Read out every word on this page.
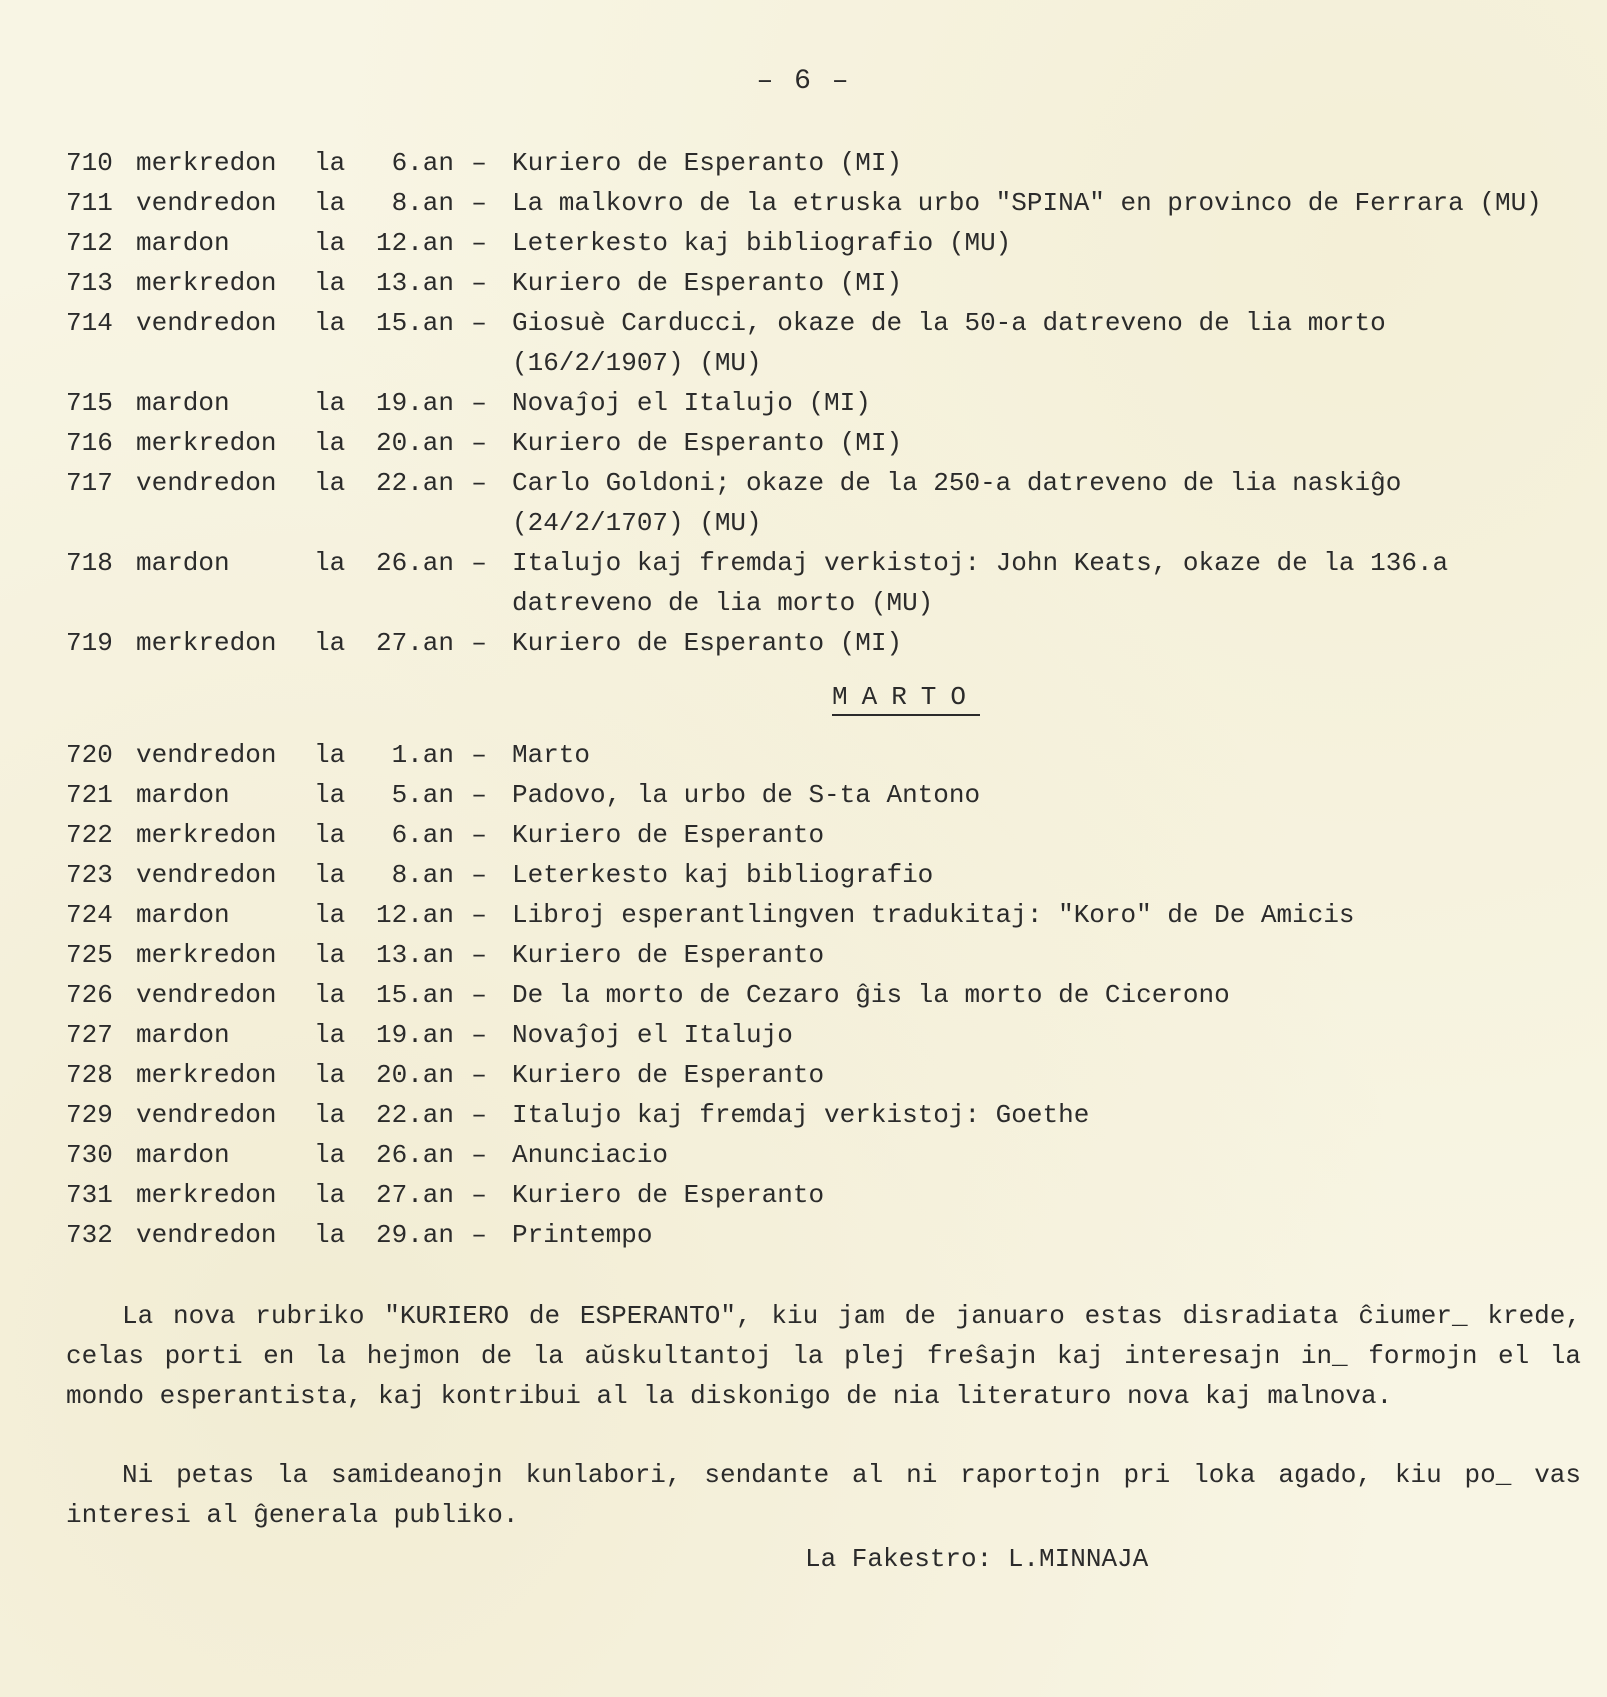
– 6 –
710 merkredon	la	6.an – Kuriero de Esperanto (MI)
711 vendredon	la	8.an – La malkovro de la etruska urbo "SPINA" en provinco de Ferrara (MU)
712 mardon	la	12.an – Leterkesto kaj bibliografio (MU)
713 merkredon	la	13.an – Kuriero de Esperanto (MI)
714 vendredon	la	15.an – Giosuè Carducci, okaze de la 50-a datreveno de lia morto (16/2/1907) (MU)
715 mardon	la	19.an – Novaĵoj el Italujo (MI)
716 merkredon	la	20.an – Kuriero de Esperanto (MI)
717 vendredon	la	22.an – Carlo Goldoni; okaze de la 250-a datreveno de lia naskiĝo (24/2/1707) (MU)
718 mardon	la	26.an – Italujo kaj fremdaj verkistoj: John Keats, okaze de la 136.a datreveno de lia morto (MU)
719 merkredon	la	27.an – Kuriero de Esperanto (MI)
MARTO
720 vendredon	la	1.an – Marto
721 mardon	la	5.an – Padovo, la urbo de S-ta Antono
722 merkredon	la	6.an – Kuriero de Esperanto
723 vendredon	la	8.an – Leterkesto kaj bibliografio
724 mardon	la	12.an – Libroj esperantlingven tradukitaj: "Koro" de De Amicis
725 merkredon	la	13.an – Kuriero de Esperanto
726 vendredon	la	15.an – De la morto de Cezaro ĝis la morto de Cicerono
727 mardon	la	19.an – Novaĵoj el Italujo
728 merkredon	la	20.an – Kuriero de Esperanto
729 vendredon	la	22.an – Italujo kaj fremdaj verkistoj: Goethe
730 mardon	la	26.an – Anunciacio
731 merkredon	la	27.an – Kuriero de Esperanto
732 vendredon	la	29.an – Printempo

La nova rubriko "KURIERO de ESPERANTO", kiu jam de januaro estas disradiata ĉiumer_ krede, celas porti en la hejmon de la aŭskultantoj la plej freŝajn kaj interesajn in_ formojn el la mondo esperantista, kaj kontribui al la diskonigo de nia literaturo nova kaj malnova.

Ni petas la samideanojn kunlabori, sendante al ni raportojn pri loka agado, kiu po_ vas interesi al ĝenerala publiko.

La Fakestro: L.MINNAJA
